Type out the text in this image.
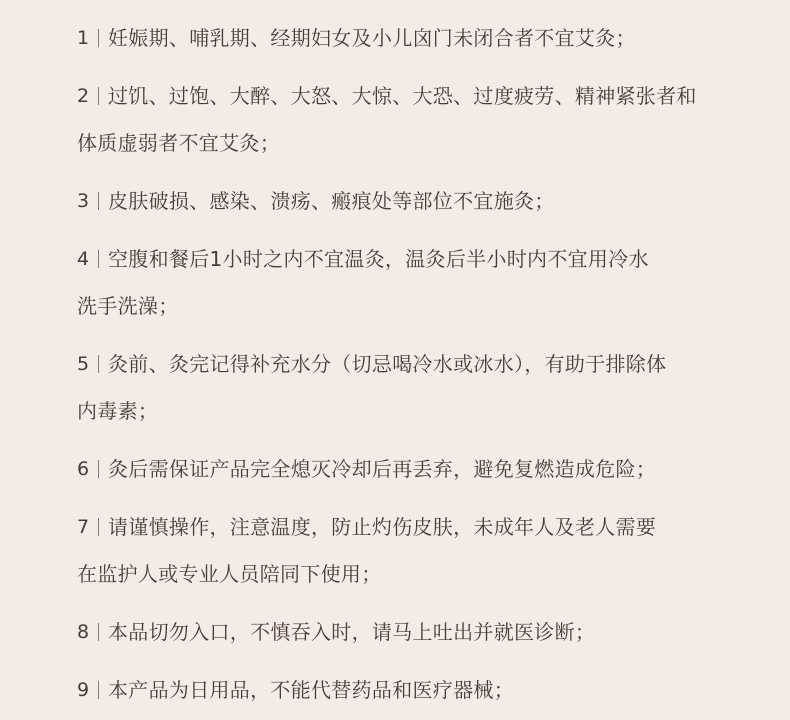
1 妊娠期、哺乳期、经期妇女及小儿囟门未闭合者不宜艾灸；
2 过饥、过饱、大醉、大怒、大惊、大恐、过度疲劳、精神紧张者和
体质虚弱者不宜艾灸；
3 皮肤破损、感染、溃疡、瘢痕处等部位不宜施灸；
4 空腹和餐后1小时之内不宜温灸，温灸后半小时内不宜用冷水
洗手洗澡；
5 灸前、灸完记得补充水分（切忌喝冷水或冰水），有助于排除体
内毒素；
6 灸后需保证产品完全熄灭冷却后再丢弃，避免复燃造成危险；
7 请谨慎操作，注意温度，防止灼伤皮肤，未成年人及老人需要
在监护人或专业人员陪同下使用；
8 本品切勿入口，不慎吞入时，请马上吐出并就医诊断；
9 本产品为日用品，不能代替药品和医疗器械；
